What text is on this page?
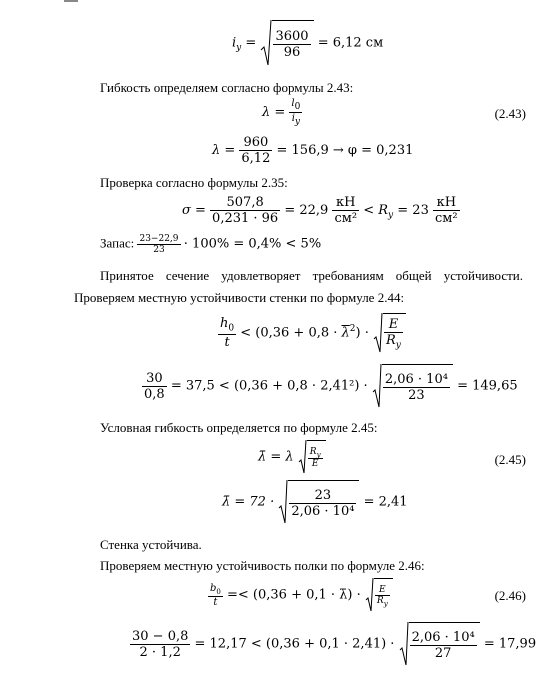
$i_y = 3600$
96
= 6,12 см
Гибкость определяем согласно формулы 2.43:
$\lambda = \frac{l_0}{i_y}$	(2.43)
$\lambda = \frac{960}{6,12} = 156,9 \to \varphi = 0,231$
Проверка согласно формулы 2.35:
$\sigma = \frac{507,8}{0,231 \cdot 96} = 22,9$
кН
см²
< $R_y = 23$
кН
см²
Запас: $\frac{23-22,9}{23} \cdot 100\% = 0,4\% < 5\%$
Принятое сечение удовлетворяет требованиям общей устойчивости.
Проверяем местную устойчивости стенки по формуле 2.44:
$\frac{h_0}{t} < (0,36 + 0,8 \cdot \overline{\lambda}^2)$ ·
E
$R_y$
$\frac{30}{0,8} = 37,5 < (0,36 + 0,8 \cdot 2,41^2) \cdot 2,06 \cdot 10^4$
23
= 149,65
Условная гибкость определяется по формуле 2.45:
λ̄ = λ $R_y$
E	(2.45)
λ̄ = 72 ·	23
2,06 · 10⁴
= 2,41
Стенка устойчива.
Проверяем местную устойчивость полки по формуле 2.46:
$\frac{b_0}{t} =< (0,36 + 0,1$ · λ̄) ·	E
$R_y$
(2.46)
$\frac{30 - 0,8}{2 \cdot 1,2} = 12,17 < (0,36 + 0,1 \cdot 2,41) \cdot 2,06 \cdot 10^4$
27
= 17,99
